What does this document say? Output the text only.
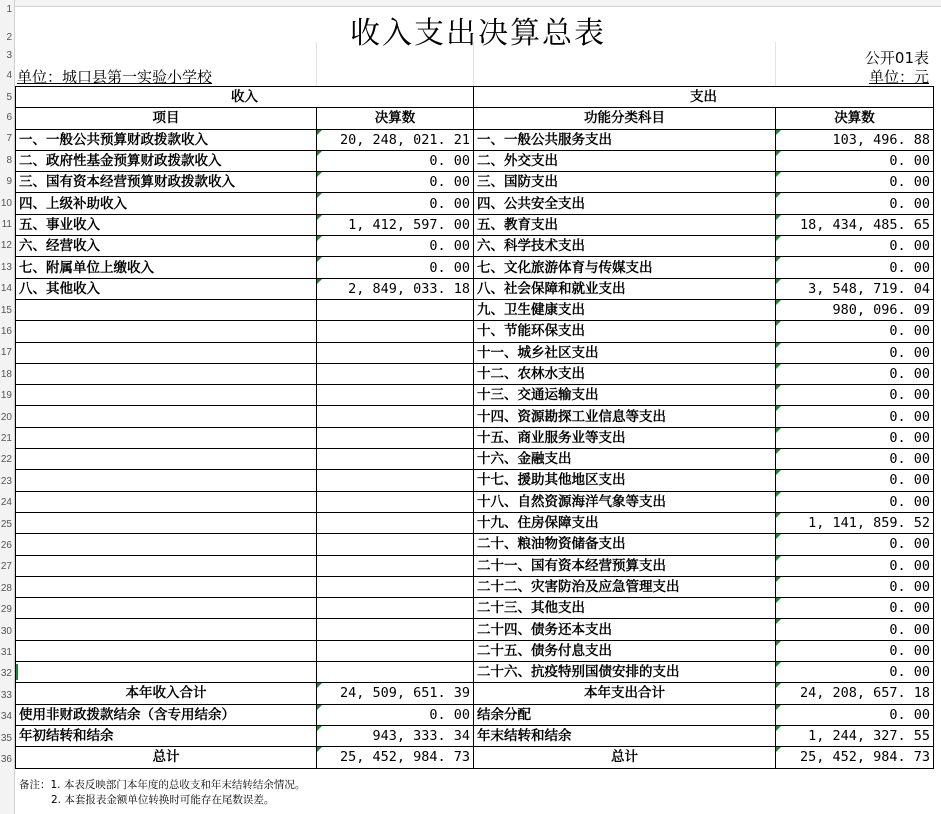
1
2
3
4
5
6
7
8
9
10
11
12
13
14
15
16
17
18
19
20
21
22
23
24
25
26
27
28
29
30
31
32
33
34
35
36
收入支出决算总表
公开01表
单位：城口县第一实验小学校	单位：元
收入		支出	
项目	决算数	功能分类科目	决算数
一、一般公共预算财政拨款收入	20, 248, 021. 21	一、一般公共服务支出	103, 496. 88
二、政府性基金预算财政拨款收入	0. 00	二、外交支出	0. 00
三、国有资本经营预算财政拨款收入	0. 00	三、国防支出	0. 00
四、上级补助收入	0. 00	四、公共安全支出	0. 00
五、事业收入	1, 412, 597. 00	五、教育支出	18, 434, 485. 65
六、经营收入	0. 00	六、科学技术支出	0. 00
七、附属单位上缴收入	0. 00	七、文化旅游体育与传媒支出	0. 00
八、其他收入	2, 849, 033. 18	八、社会保障和就业支出	3, 548, 719. 04
		九、卫生健康支出	980, 096. 09
		十、节能环保支出	0. 00
		十一、城乡社区支出	0. 00
		十二、农林水支出	0. 00
		十三、交通运输支出	0. 00
		十四、资源勘探工业信息等支出	0. 00
		十五、商业服务业等支出	0. 00
		十六、金融支出	0. 00
		十七、援助其他地区支出	0. 00
		十八、自然资源海洋气象等支出	0. 00
		十九、住房保障支出	1, 141, 859. 52
		二十、粮油物资储备支出	0. 00
		二十一、国有资本经营预算支出	0. 00
		二十二、灾害防治及应急管理支出	0. 00
		二十三、其他支出	0. 00
		二十四、债务还本支出	0. 00
		二十五、债务付息支出	0. 00
		二十六、抗疫特别国债安排的支出	0. 00
本年收入合计	24, 509, 651. 39	本年支出合计	24, 208, 657. 18
使用非财政拨款结余（含专用结余）	0. 00	结余分配	0. 00
年初结转和结余	943, 333. 34	年末结转和结余	1, 244, 327. 55
总计	25, 452, 984. 73	总计	25, 452, 984. 73
备注：1. 本表反映部门本年度的总收支和年末结转结余情况。
2. 本套报表金额单位转换时可能存在尾数误差。
